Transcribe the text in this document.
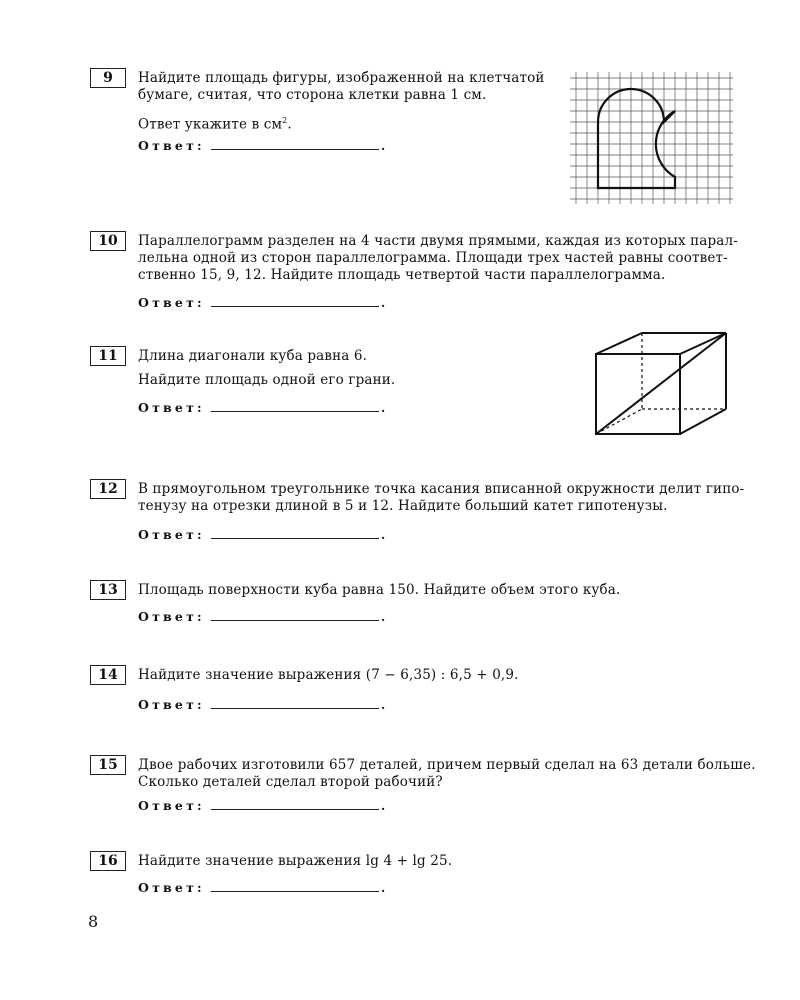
9	Найдите площадь фигуры, изображенной на клетчатой
бумаге, считая, что сторона клетки равна 1 см.
Ответ укажите в $см^2$.
Ответ:	.
10	Параллелограмм разделен на 4 части двумя прямыми, каждая из которых парал-
лельна одной из сторон параллелограмма. Площади трех частей равны соответ-
ственно 15, 9, 12. Найдите площадь четвертой части параллелограмма.
Ответ:	.
11	Длина диагонали куба равна 6.
Найдите площадь одной его грани.
Ответ:	.
12	В прямоугольном треугольнике точка касания вписанной окружности делит гипо-
тенузу на отрезки длиной в 5 и 12. Найдите больший катет гипотенузы.
Ответ:	.
13	Площадь поверхности куба равна 150. Найдите объем этого куба.
Ответ:	.
14	Найдите значение выражения (7 − 6,35) : 6,5 + 0,9.
Ответ:	.
15	Двое рабочих изготовили 657 деталей, причем первый сделал на 63 детали больше.
Сколько деталей сделал второй рабочий?
Ответ:	.
16	Найдите значение выражения lg 4 + lg 25.
Ответ:	.
8
